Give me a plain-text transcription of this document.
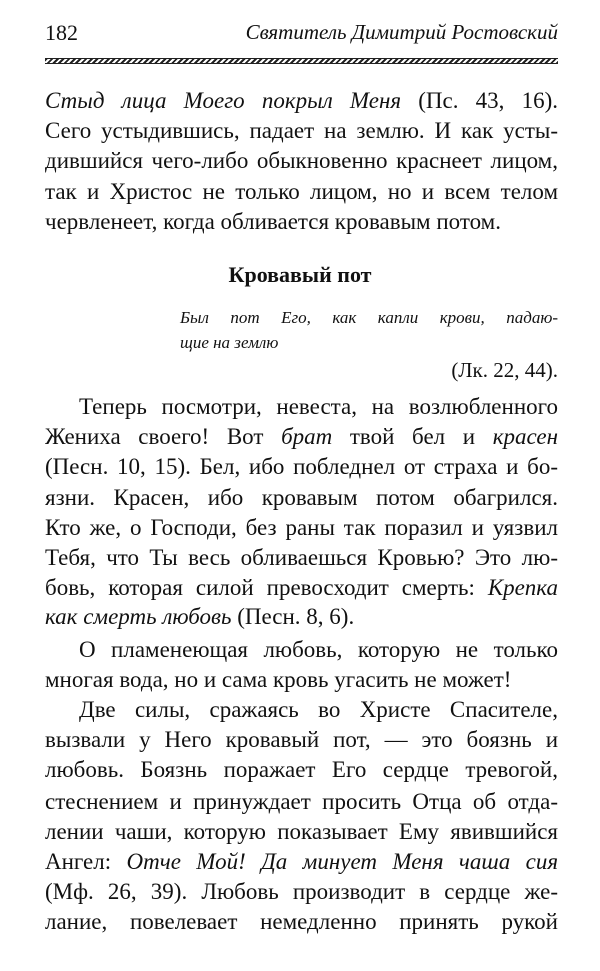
182	Святитель Димитрий Ростовский
Стыд лица Моего покрыл Меня (Пс. 43, 16).
Сего устыдившись, падает на землю. И как усты-
дившийся чего-либо обыкновенно краснеет лицом,
так и Христос не только лицом, но и всем телом
червленеет, когда обливается кровавым потом.
Кровавый пот
Был пот Его, как капли крови, падаю-
щие на землю
(Лк. 22, 44).
Теперь посмотри, невеста, на возлюбленного
Жениха своего! Вот брат твой бел и красен
(Песн. 10, 15). Бел, ибо побледнел от страха и бо-
язни. Красен, ибо кровавым потом обагрился.
Кто же, о Господи, без раны так поразил и уязвил
Тебя, что Ты весь обливаешься Кровью? Это лю-
бовь, которая силой превосходит смерть: Крепка
как смерть любовь (Песн. 8, 6).
О пламенеющая любовь, которую не только
многая вода, но и сама кровь угасить не может!
Две силы, сражаясь во Христе Спасителе,
вызвали у Него кровавый пот, — это боязнь и
любовь. Боязнь поражает Его сердце тревогой,
стеснением и принуждает просить Отца об отда-
лении чаши, которую показывает Ему явившийся
Ангел: Отче Мой! Да минует Меня чаша сия
(Мф. 26, 39). Любовь производит в сердце же-
лание, повелевает немедленно принять рукой
